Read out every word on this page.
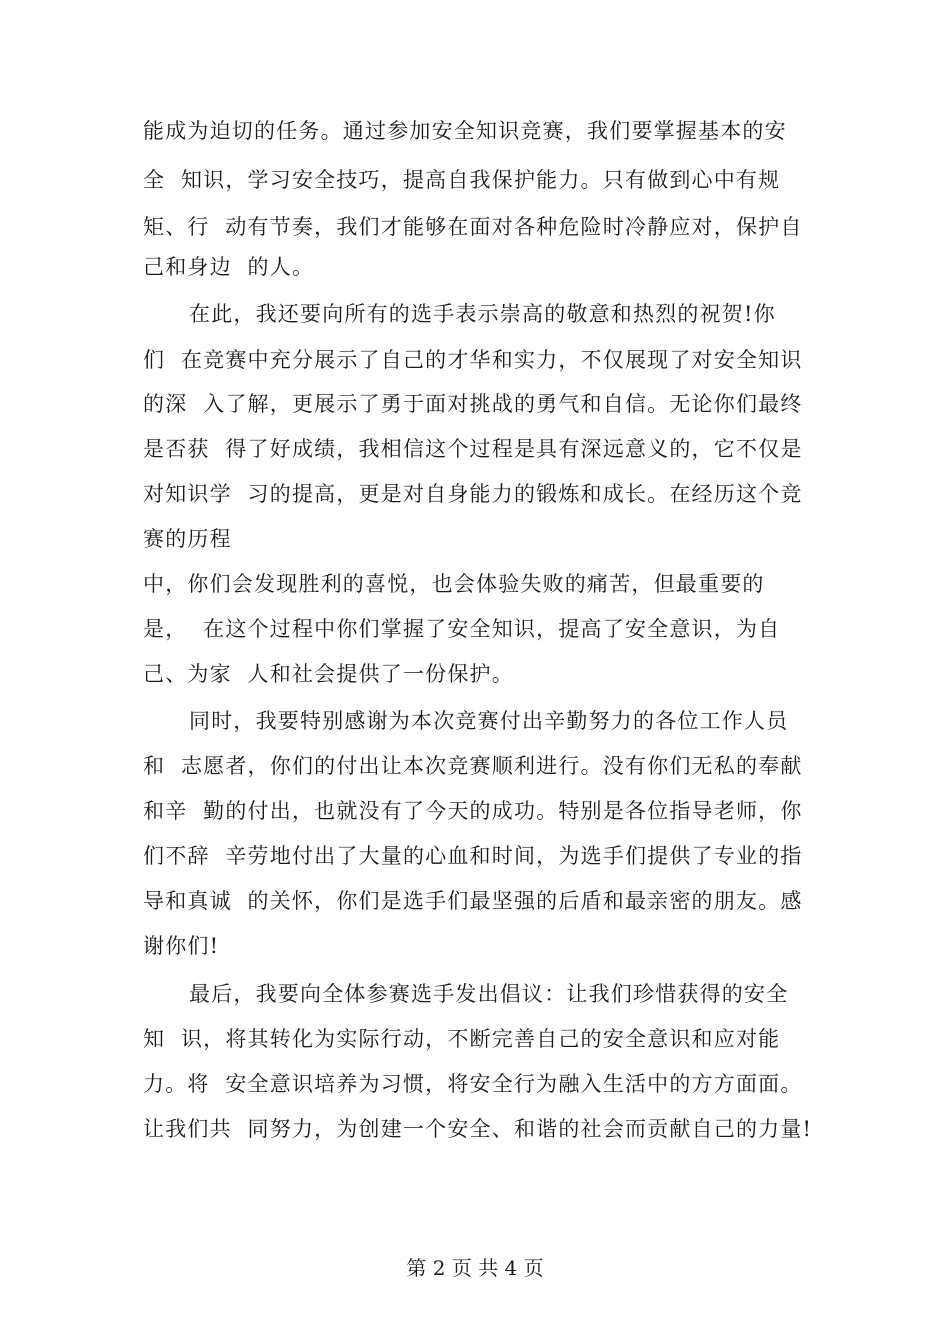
能成为迫切的任务。通过参加安全知识竞赛，我们要掌握基本的安
全  知识，学习安全技巧，提高自我保护能力。只有做到心中有规
矩、行  动有节奏，我们才能够在面对各种危险时冷静应对，保护自
己和身边  的人。
在此，我还要向所有的选手表示崇高的敬意和热烈的祝贺!你
们  在竞赛中充分展示了自己的才华和实力，不仅展现了对安全知识
的深  入了解，更展示了勇于面对挑战的勇气和自信。无论你们最终
是否获  得了好成绩，我相信这个过程是具有深远意义的，它不仅是
对知识学  习的提高，更是对自身能力的锻炼和成长。在经历这个竞
赛的历程
中，你们会发现胜利的喜悦，也会体验失败的痛苦，但最重要的
是，  在这个过程中你们掌握了安全知识，提高了安全意识，为自
己、为家  人和社会提供了一份保护。
同时，我要特别感谢为本次竞赛付出辛勤努力的各位工作人员
和  志愿者，你们的付出让本次竞赛顺利进行。没有你们无私的奉献
和辛  勤的付出，也就没有了今天的成功。特别是各位指导老师，你
们不辞  辛劳地付出了大量的心血和时间，为选手们提供了专业的指
导和真诚  的关怀，你们是选手们最坚强的后盾和最亲密的朋友。感
谢你们!
最后，我要向全体参赛选手发出倡议：让我们珍惜获得的安全
知  识，将其转化为实际行动，不断完善自己的安全意识和应对能
力。将  安全意识培养为习惯，将安全行为融入生活中的方方面面。
让我们共  同努力，为创建一个安全、和谐的社会而贡献自己的力量!
第 2 页 共 4 页
